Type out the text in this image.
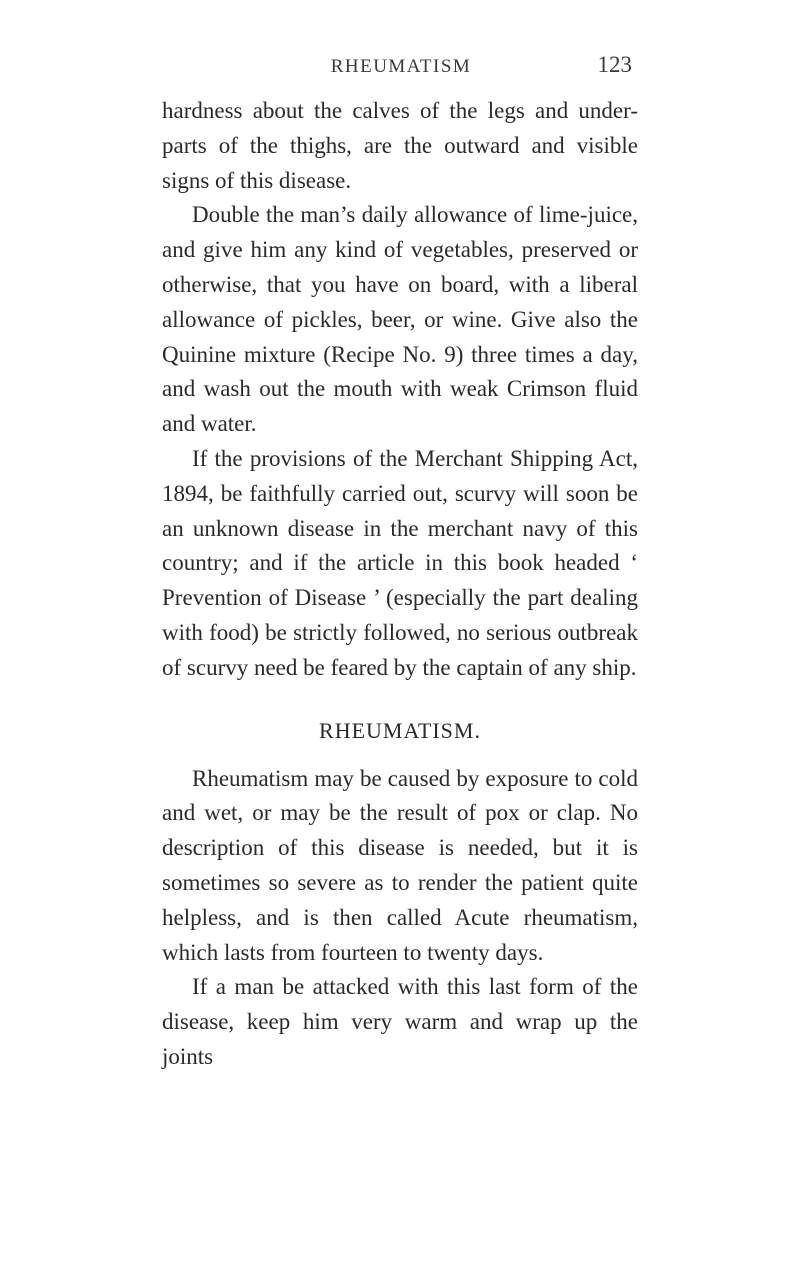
RHEUMATISM	123

hardness about the calves of the legs and under-parts of the thighs, are the outward and visible signs of this disease.

Double the man’s daily allowance of lime-juice, and give him any kind of vegetables, preserved or otherwise, that you have on board, with a liberal allowance of pickles, beer, or wine. Give also the Quinine mixture (Recipe No. 9) three times a day, and wash out the mouth with weak Crimson fluid and water.

If the provisions of the Merchant Shipping Act, 1894, be faithfully carried out, scurvy will soon be an unknown disease in the merchant navy of this country; and if the article in this book headed ‘ Prevention of Disease ’ (especially the part dealing with food) be strictly followed, no serious outbreak of scurvy need be feared by the captain of any ship.

RHEUMATISM.

Rheumatism may be caused by exposure to cold and wet, or may be the result of pox or clap. No description of this disease is needed, but it is sometimes so severe as to render the patient quite helpless, and is then called Acute rheumatism, which lasts from fourteen to twenty days.

If a man be attacked with this last form of the disease, keep him very warm and wrap up the joints
